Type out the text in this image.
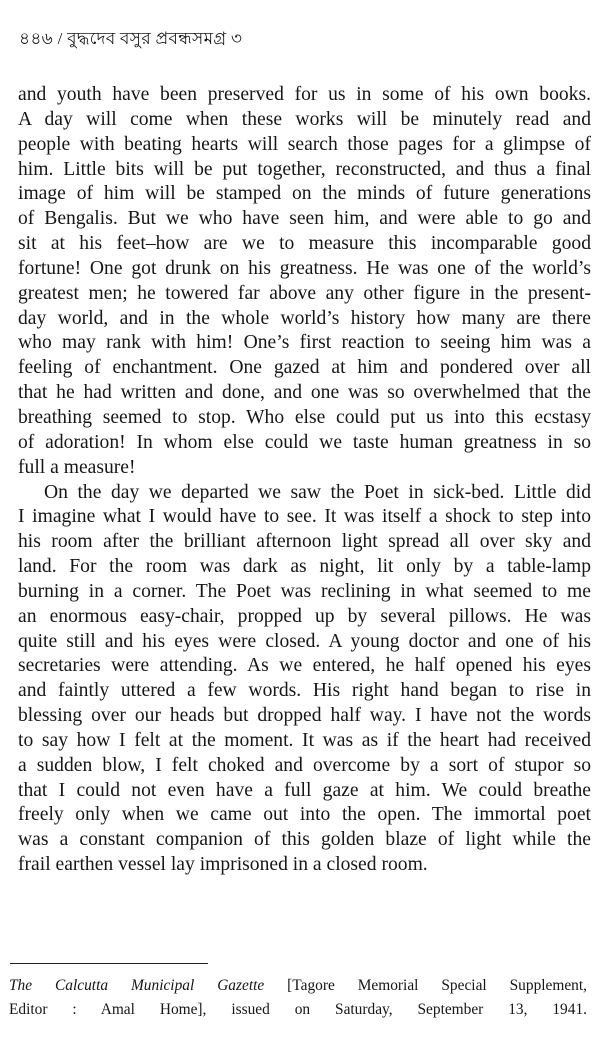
৪৪৬ / বুদ্ধদেব বসুর প্রবন্ধসমগ্র ৩
and youth have been preserved for us in some of his own books.
A day will come when these works will be minutely read and
people with beating hearts will search those pages for a glimpse of
him. Little bits will be put together, reconstructed, and thus a final
image of him will be stamped on the minds of future generations
of Bengalis. But we who have seen him, and were able to go and
sit at his feet–how are we to measure this incomparable good
fortune! One got drunk on his greatness. He was one of the world’s
greatest men; he towered far above any other figure in the present-
day world, and in the whole world’s history how many are there
who may rank with him! One’s first reaction to seeing him was a
feeling of enchantment. One gazed at him and pondered over all
that he had written and done, and one was so overwhelmed that the
breathing seemed to stop. Who else could put us into this ecstasy
of adoration! In whom else could we taste human greatness in so
full a measure!
On the day we departed we saw the Poet in sick-bed. Little did
I imagine what I would have to see. It was itself a shock to step into
his room after the brilliant afternoon light spread all over sky and
land. For the room was dark as night, lit only by a table-lamp
burning in a corner. The Poet was reclining in what seemed to me
an enormous easy-chair, propped up by several pillows. He was
quite still and his eyes were closed. A young doctor and one of his
secretaries were attending. As we entered, he half opened his eyes
and faintly uttered a few words. His right hand began to rise in
blessing over our heads but dropped half way. I have not the words
to say how I felt at the moment. It was as if the heart had received
a sudden blow, I felt choked and overcome by a sort of stupor so
that I could not even have a full gaze at him. We could breathe
freely only when we came out into the open. The immortal poet
was a constant companion of this golden blaze of light while the
frail earthen vessel lay imprisoned in a closed room.
The Calcutta Municipal Gazette [Tagore Memorial Special Supplement,
Editor : Amal Home], issued on Saturday, September 13, 1941.
